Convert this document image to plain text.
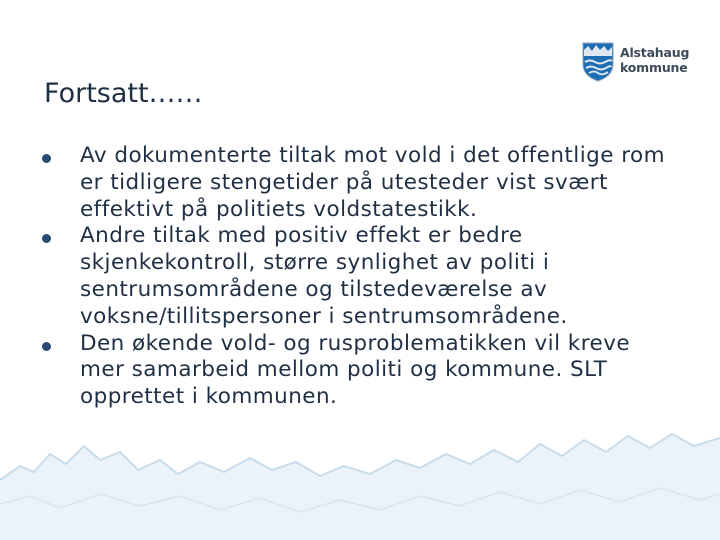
Alstahaug
kommune
Fortsatt……
Av dokumenterte tiltak mot vold i det offentlige rom er tidligere stengetider på utesteder vist svært effektivt på politiets voldstatestikk.
Andre tiltak med positiv effekt er bedre skjenkekontroll, større synlighet av politi i sentrumsområdene og tilstedeværelse av voksne/tillitspersoner i sentrumsområdene.
Den økende vold- og rusproblematikken vil kreve mer samarbeid mellom politi og kommune. SLT opprettet i kommunen.
